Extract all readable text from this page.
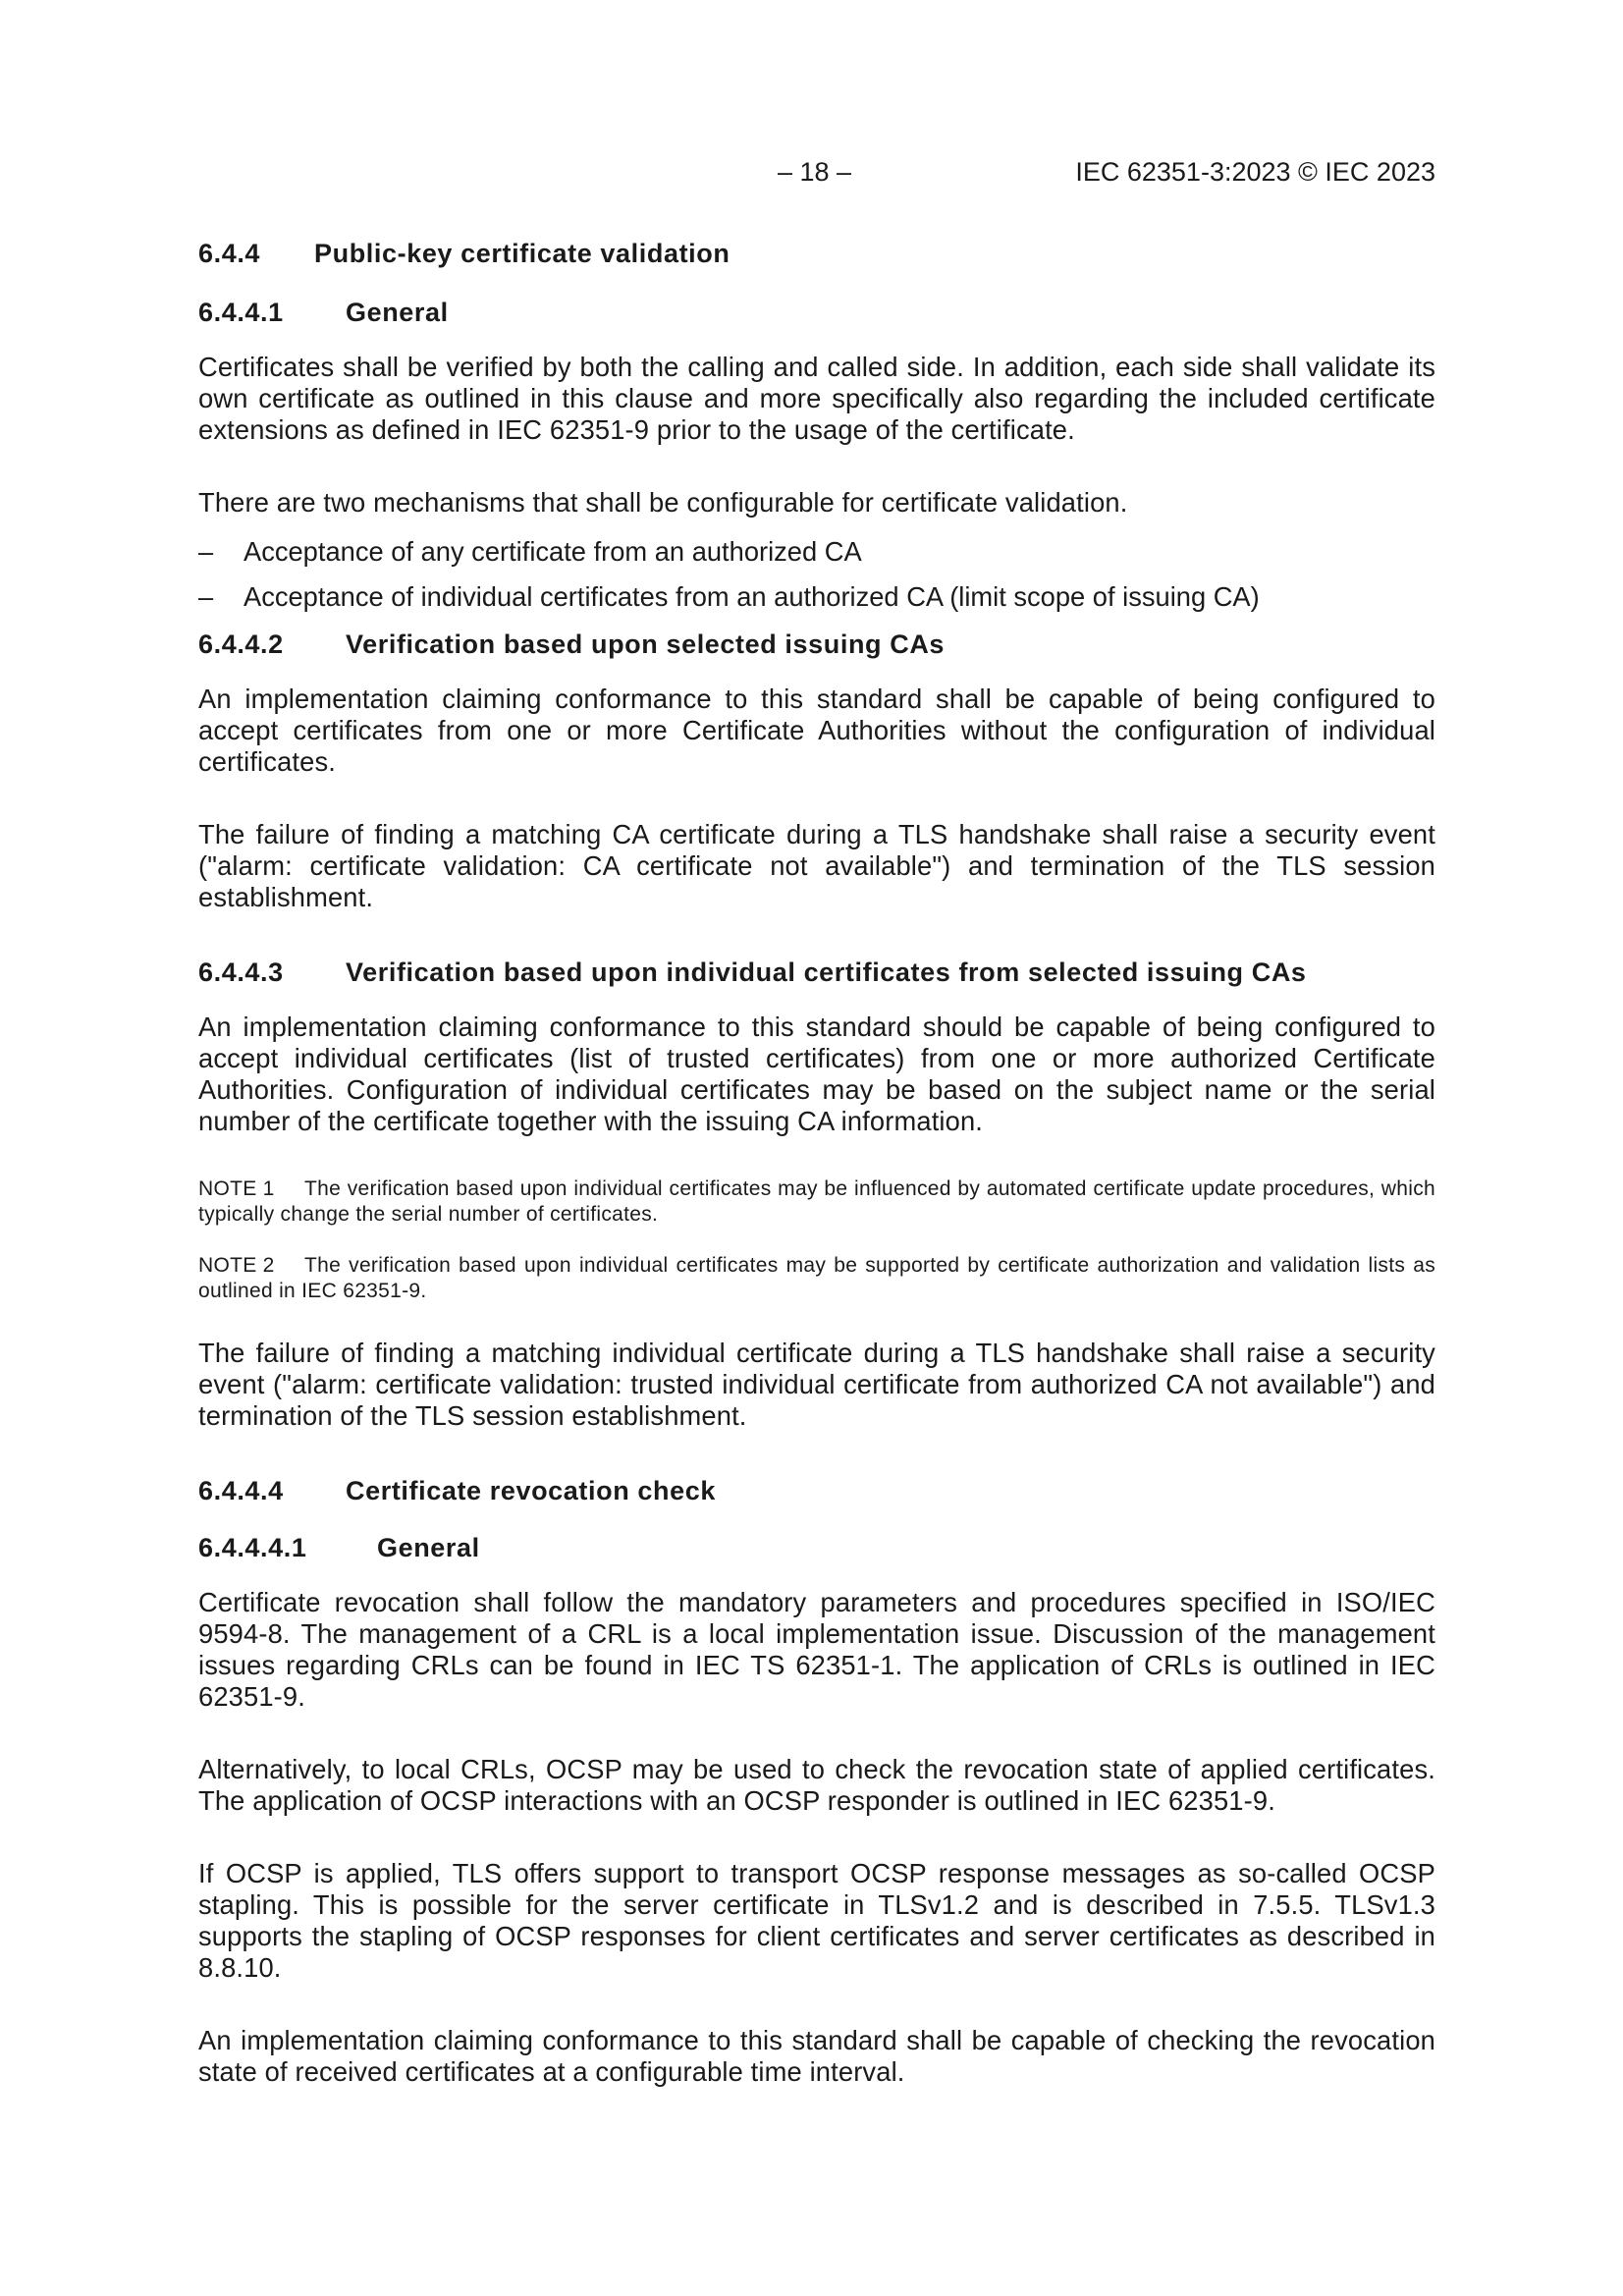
– 18 –	IEC 62351-3:2023 © IEC 2023
6.4.4 Public-key certificate validation
6.4.4.1 General

Certificates shall be verified by both the calling and called side. In addition, each side shall validate its own certificate as outlined in this clause and more specifically also regarding the included certificate extensions as defined in IEC 62351-9 prior to the usage of the certificate.

There are two mechanisms that shall be configurable for certificate validation.

– Acceptance of any certificate from an authorized CA
– Acceptance of individual certificates from an authorized CA (limit scope of issuing CA)
6.4.4.2 Verification based upon selected issuing CAs

An implementation claiming conformance to this standard shall be capable of being configured to accept certificates from one or more Certificate Authorities without the configuration of individual certificates.

The failure of finding a matching CA certificate during a TLS handshake shall raise a security event ("alarm: certificate validation: CA certificate not available") and termination of the TLS session establishment.

6.4.4.3 Verification based upon individual certificates from selected issuing CAs

An implementation claiming conformance to this standard should be capable of being configured to accept individual certificates (list of trusted certificates) from one or more authorized Certificate Authorities. Configuration of individual certificates may be based on the subject name or the serial number of the certificate together with the issuing CA information.

NOTE 1 The verification based upon individual certificates may be influenced by automated certificate update procedures, which typically change the serial number of certificates.

NOTE 2 The verification based upon individual certificates may be supported by certificate authorization and validation lists as outlined in IEC 62351-9.

The failure of finding a matching individual certificate during a TLS handshake shall raise a security event ("alarm: certificate validation: trusted individual certificate from authorized CA not available") and termination of the TLS session establishment.

6.4.4.4 Certificate revocation check
6.4.4.4.1	General

Certificate revocation shall follow the mandatory parameters and procedures specified in ISO/IEC 9594-8. The management of a CRL is a local implementation issue. Discussion of the management issues regarding CRLs can be found in IEC TS 62351-1. The application of CRLs is outlined in IEC 62351-9.

Alternatively, to local CRLs, OCSP may be used to check the revocation state of applied certificates. The application of OCSP interactions with an OCSP responder is outlined in IEC 62351-9.

If OCSP is applied, TLS offers support to transport OCSP response messages as so-called OCSP stapling. This is possible for the server certificate in TLSv1.2 and is described in 7.5.5. TLSv1.3 supports the stapling of OCSP responses for client certificates and server certificates as described in 8.8.10.

An implementation claiming conformance to this standard shall be capable of checking the revocation state of received certificates at a configurable time interval.
